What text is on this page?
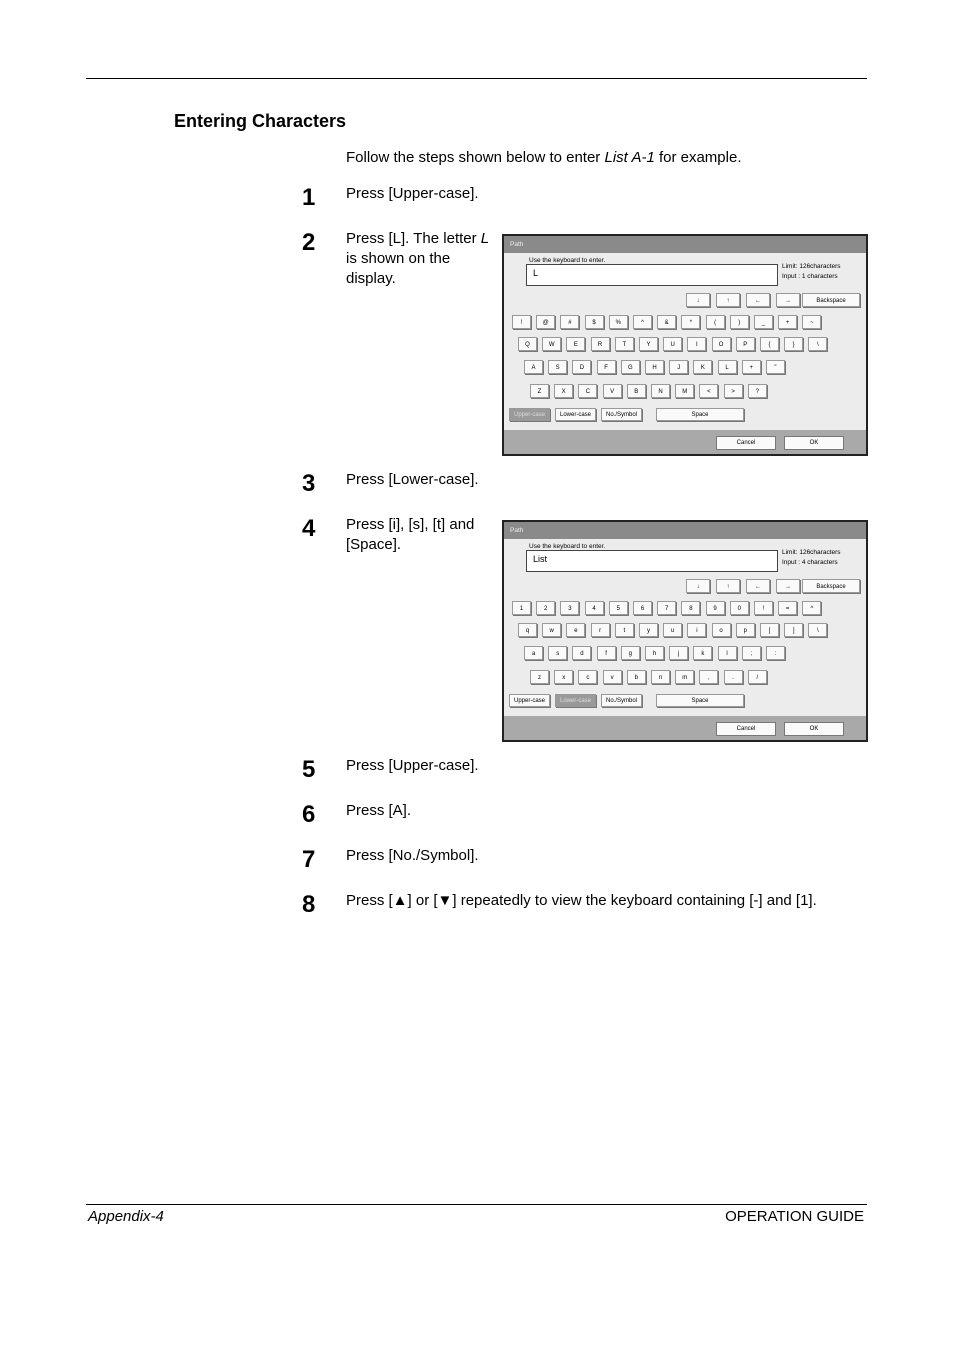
Entering Characters
Follow the steps shown below to enter List A-1 for example.
1	Press [Upper-case].
2	Press [L]. The letter L is shown on the display.
3	Press [Lower-case].
4	Press [i], [s], [t] and [Space].
5	Press [Upper-case].
6	Press [A].
7	Press [No./Symbol].
8	Press [▲] or [▼] repeatedly to view the keyboard containing [-] and [1].
Path
Use the keyboard to enter.
L
Limit: 126characters
Input : 1 characters
↓	↑	←	→	Backspace
!	@	#	$	%	^	&	*	(	)	_	+	~
Q	W	E	R	T	Y	U	I	O	P	{	}	\
A	S	D	F	G	H	J	K	L	+	"
Z	X	C	V	B	N	M	<	>	?
Upper-case	Lower-case	No./Symbol	Space
Cancel	OK
Path
Use the keyboard to enter.
List
Limit: 126characters
Input : 4 characters
↓	↑	←	→	Backspace
1	2	3	4	5	6	7	8	9	0	!	=	^
q	w	e	r	t	y	u	i	o	p	[	]	\
a	s	d	f	g	h	j	k	l	;	:
z	x	c	v	b	n	m	,	.	/
Upper-case	Lower-case	No./Symbol	Space
Cancel	OK
Appendix-4	OPERATION GUIDE
